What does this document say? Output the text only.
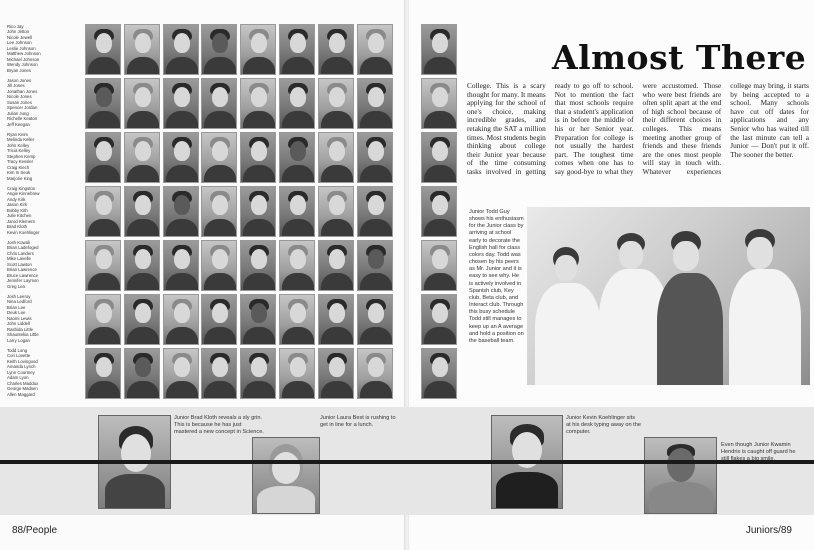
Rico Jay
John Jetton
Nicole Jewell
Lee Johnson
Leslie Johnson
Matthew Johnson
Michael Johnson
Wendy Johnson
Bryan Jones
Jason Jones
Jill Jones
Jonathan Jones
Nicole Jones
Susan Jones
Spencer Jordan
Julian Jung
Richelle Keaton
Jeff Keegan
Ryan Keim
Melinda Keller
John Kelley
Tricia Kelley
Stephen Kemp
Tracy Kessler
Craig Kiech
Kim In Seok
Marjorie King
Craig Kingston
Angie Kinnebrew
Andy Kirk
Jason Kirk
Bobby Kith
Julie Kitchen
Jarod Klement
Brad Kloth
Kevin Koehlinger
Josh Kowali
Brian Ladefoged
Chris Landers
Mike Lavelle
Scott Lawton
Brian Lawrence
Bruce Lawrence
Jennifer Laymon
Greg Lea
Josh Leeroy
Nina Ledford
Brian Lee
Deuk Lee
Naomi Lewis
John Liddell
Rashida Little
Shauntekia Little
Larry Logan
Todd Long
Cori Lovette
Keith Lovingood
Amanda Lynch
Lynn Courtney
Adam Lyon
Charles Maddux
George Madsen
Allen Maggard
Almost There
College. This is a scary thought for many. It means applying for the school of one's choice, making incredible grades, and retaking the SAT a million times. Most students begin thinking about college their Junior year because of the time consuming tasks involved in getting ready to go off to school. Not to mention the fact that most schools require that a student's application is in before the middle of his or her Senior year. Preparation for college is not usually the hardest part. The toughest time comes when one has to say good-bye to what they were accustomed. Those who were best friends are often split apart at the end of high school because of their different choices in colleges. This means meeting another group of friends and these friends are the ones most people will stay in touch with. Whatever experiences college may bring, it starts by being accepted to a school. Many schools have cut off dates for applications and any Senior who has waited till the last minute can tell a Junior — Don't put it off. The sooner the better.
Junior Todd Guy shows his enthusiasm for the Junior class by arriving at school early to decorate the English hall for class colors day. Todd was chosen by his peers as Mr. Junior and it is easy to see why. He is actively involved in Spanish club, Key club, Beta club, and Interact club. Through this busy schedule Todd still manages to keep up an A average and hold a position on the baseball team.
Junior Brad Kloth reveals a sly grin. This is because he has just mastered a new concept in Science.
Junior Laura Best is rushing to get in line for a lunch.
Junior Kevin Koehlinger sits at his desk typing away on the computer.
Even though Junior Kwamin Hendrix is caught off guard he
88/People	Juniors/89
